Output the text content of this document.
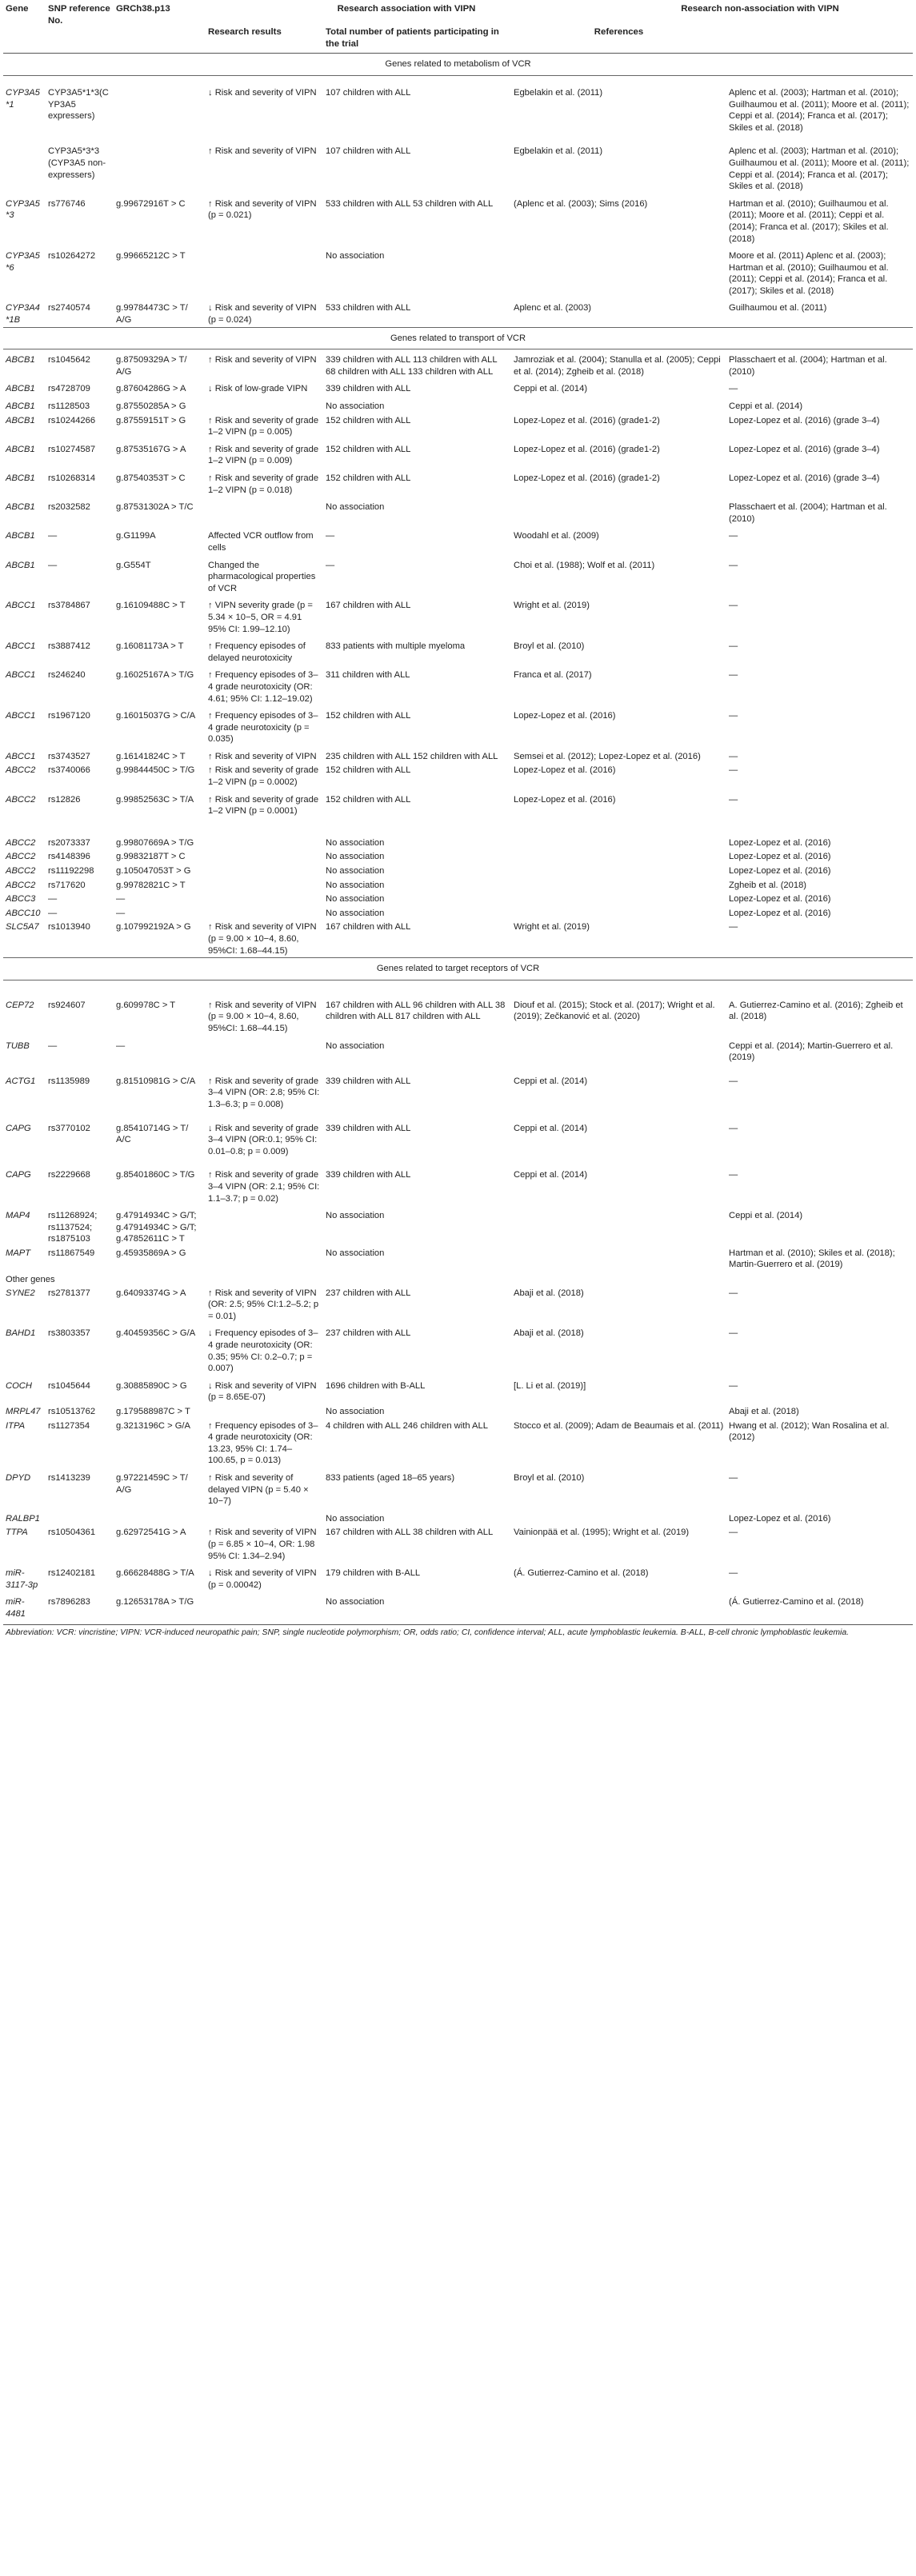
Gene	SNP reference No.	GRCh38.p13	Research association with VIPN			Research non-association with VIPN	
			Research results	Total number of patients participating in the trial	References		
Genes related to metabolism of VCR							
CYP3A5*1	CYP3A5*1*3(CYP3A5 expressers)		↓ Risk and severity of VIPN	107 children with ALL	Egbelakin et al. (2011)		Aplenc et al. (2003); Hartman et al. (2010); Guilhaumou et al. (2011); Moore et al. (2011); Ceppi et al. (2014); Franca et al. (2017); Skiles et al. (2018)
	CYP3A5*3*3 (CYP3A5 non-expressers)		↑ Risk and severity of VIPN	107 children with ALL	Egbelakin et al. (2011)		Aplenc et al. (2003); Hartman et al. (2010); Guilhaumou et al. (2011); Moore et al. (2011); Ceppi et al. (2014); Franca et al. (2017); Skiles et al. (2018)
CYP3A5*3	rs776746	g.99672916T > C	↑ Risk and severity of VIPN (p = 0.021)	533 children with ALL 53 children with ALL	(Aplenc et al. (2003); Sims (2016)		Hartman et al. (2010); Guilhaumou et al. (2011); Moore et al. (2011); Ceppi et al. (2014); Franca et al. (2017); Skiles et al. (2018)
CYP3A5*6	rs10264272	g.99665212C > T		No association			Moore et al. (2011) Aplenc et al. (2003); Hartman et al. (2010); Guilhaumou et al. (2011); Ceppi et al. (2014); Franca et al. (2017); Skiles et al. (2018)
CYP3A4*1B	rs2740574	g.99784473C > T/ A/G	↓ Risk and severity of VIPN (p = 0.024)	533 children with ALL	Aplenc et al. (2003)		Guilhaumou et al. (2011)
Genes related to transport of VCR							
ABCB1	rs1045642	g.87509329A > T/ A/G	↑ Risk and severity of VIPN	339 children with ALL 113 children with ALL 68 children with ALL 133 children with ALL	Jamroziak et al. (2004); Stanulla et al. (2005); Ceppi et al. (2014); Zgheib et al. (2018)		Plasschaert et al. (2004); Hartman et al. (2010)
ABCB1	rs4728709	g.87604286G > A	↓ Risk of low-grade VIPN	339 children with ALL	Ceppi et al. (2014)		—
ABCB1	rs1128503	g.87550285A > G		No association			Ceppi et al. (2014)
ABCB1	rs10244266	g.87559151T > G	↑ Risk and severity of grade 1–2 VIPN (p = 0.005)	152 children with ALL	Lopez-Lopez et al. (2016) (grade1-2)		Lopez-Lopez et al. (2016) (grade 3–4)
ABCB1	rs10274587	g.87535167G > A	↑ Risk and severity of grade 1–2 VIPN (p = 0.009)	152 children with ALL	Lopez-Lopez et al. (2016) (grade1-2)		Lopez-Lopez et al. (2016) (grade 3–4)
ABCB1	rs10268314	g.87540353T > C	↑ Risk and severity of grade 1–2 VIPN (p = 0.018)	152 children with ALL	Lopez-Lopez et al. (2016) (grade1-2)		Lopez-Lopez et al. (2016) (grade 3–4)
ABCB1	rs2032582	g.87531302A > T/C		No association			Plasschaert et al. (2004); Hartman et al. (2010)
ABCB1	—	g.G1199A	Affected VCR outflow from cells	—	Woodahl et al. (2009)		—
ABCB1	—	g.G554T	Changed the pharmacological properties of VCR	—	Choi et al. (1988); Wolf et al. (2011)		—
ABCC1	rs3784867	g.16109488C > T	↑ VIPN severity grade (p = 5.34 × 10−5, OR = 4.91 95% CI: 1.99–12.10)	167 children with ALL	Wright et al. (2019)		—
ABCC1	rs3887412	g.16081173A > T	↑ Frequency episodes of delayed neurotoxicity	833 patients with multiple myeloma	Broyl et al. (2010)		—
ABCC1	rs246240	g.16025167A > T/G	↑ Frequency episodes of 3–4 grade neurotoxicity (OR: 4.61; 95% CI: 1.12–19.02)	311 children with ALL	Franca et al. (2017)		—
ABCC1	rs1967120	g.16015037G > C/A	↑ Frequency episodes of 3–4 grade neurotoxicity (p = 0.035)	152 children with ALL	Lopez-Lopez et al. (2016)		—
ABCC1	rs3743527	g.16141824C > T	↑ Risk and severity of VIPN	235 children with ALL 152 children with ALL	Semsei et al. (2012); Lopez-Lopez et al. (2016)		—
ABCC2	rs3740066	g.99844450C > T/G	↑ Risk and severity of grade 1–2 VIPN (p = 0.0002)	152 children with ALL	Lopez-Lopez et al. (2016)		—
ABCC2	rs12826	g.99852563C > T/A	↑ Risk and severity of grade 1–2 VIPN (p = 0.0001)	152 children with ALL	Lopez-Lopez et al. (2016)		—
ABCC2	rs2073337	g.99807669A > T/G		No association			Lopez-Lopez et al. (2016)
ABCC2	rs4148396	g.99832187T > C		No association			Lopez-Lopez et al. (2016)
ABCC2	rs11192298	g.105047053T > G		No association			Lopez-Lopez et al. (2016)
ABCC2	rs717620	g.99782821C > T		No association			Zgheib et al. (2018)
ABCC3	—	—		No association			Lopez-Lopez et al. (2016)
ABCC10	—	—		No association			Lopez-Lopez et al. (2016)
SLC5A7	rs1013940	g.107992192A > G	↑ Risk and severity of VIPN (p = 9.00 × 10−4, 8.60, 95%CI: 1.68–44.15)	167 children with ALL	Wright et al. (2019)		—
Genes related to target receptors of VCR							
CEP72	rs924607	g.609978C > T	↑ Risk and severity of VIPN (p = 9.00 × 10−4, 8.60, 95%CI: 1.68–44.15)	167 children with ALL 96 children with ALL 38 children with ALL 817 children with ALL	Diouf et al. (2015); Stock et al. (2017); Wright et al. (2019); Zečkanović et al. (2020)		A. Gutierrez-Camino et al. (2016); Zgheib et al. (2018)
TUBB	—	—		No association			Ceppi et al. (2014); Martin-Guerrero et al. (2019)
ACTG1	rs1135989	g.81510981G > C/A	↑ Risk and severity of grade 3–4 VIPN (OR: 2.8; 95% CI: 1.3–6.3; p = 0.008)	339 children with ALL	Ceppi et al. (2014)		—
CAPG	rs3770102	g.85410714G > T/ A/C	↓ Risk and severity of grade 3–4 VIPN (OR:0.1; 95% CI: 0.01–0.8; p = 0.009)	339 children with ALL	Ceppi et al. (2014)		—
CAPG	rs2229668	g.85401860C > T/G	↑ Risk and severity of grade 3–4 VIPN (OR: 2.1; 95% CI: 1.1–3.7; p = 0.02)	339 children with ALL	Ceppi et al. (2014)		—
MAP4	rs11268924; rs1137524; rs1875103	g.47914934C > G/T; g.47914934C > G/T; g.47852611C > T		No association			Ceppi et al. (2014)
MAPT	rs11867549	g.45935869A > G		No association			Hartman et al. (2010); Skiles et al. (2018); Martin-Guerrero et al. (2019)
Other genes							
SYNE2	rs2781377	g.64093374G > A	↑ Risk and severity of VIPN (OR: 2.5; 95% CI:1.2–5.2; p = 0.01)	237 children with ALL	Abaji et al. (2018)		—
BAHD1	rs3803357	g.40459356C > G/A	↓ Frequency episodes of 3–4 grade neurotoxicity (OR: 0.35; 95% CI: 0.2–0.7; p = 0.007)	237 children with ALL	Abaji et al. (2018)		—
COCH	rs1045644	g.30885890C > G	↓ Risk and severity of VIPN (p = 8.65E-07)	1696 children with B-ALL	[L. Li et al. (2019)]		—
MRPL47	rs10513762	g.179588987C > T		No association			Abaji et al. (2018)
ITPA	rs1127354	g.3213196C > G/A	↑ Frequency episodes of 3–4 grade neurotoxicity (OR: 13.23, 95% CI: 1.74–100.65, p = 0.013)	4 children with ALL 246 children with ALL	Stocco et al. (2009); Adam de Beaumais et al. (2011)		Hwang et al. (2012); Wan Rosalina et al. (2012)
DPYD	rs1413239	g.97221459C > T/ A/G	↑ Risk and severity of delayed VIPN (p = 5.40 × 10−7)	833 patients (aged 18–65 years)	Broyl et al. (2010)		—
RALBP1				No association			Lopez-Lopez et al. (2016)
TTPA	rs10504361	g.62972541G > A	↑ Risk and severity of VIPN (p = 6.85 × 10−4, OR: 1.98 95% CI: 1.34–2.94)	167 children with ALL 38 children with ALL	Vainionpää et al. (1995); Wright et al. (2019)		—
miR-3117-3p	rs12402181	g.66628488G > T/A	↓ Risk and severity of VIPN (p = 0.00042)	179 children with B-ALL	(Á. Gutierrez-Camino et al. (2018)		—
miR-4481	rs7896283	g.12653178A > T/G		No association			(Á. Gutierrez-Camino et al. (2018)
Abbreviation: VCR: vincristine; VIPN: VCR-induced neuropathic pain; SNP, single nucleotide polymorphism; OR, odds ratio; CI, confidence interval; ALL, acute lymphoblastic leukemia. B-ALL, B-cell chronic lymphoblastic leukemia.
